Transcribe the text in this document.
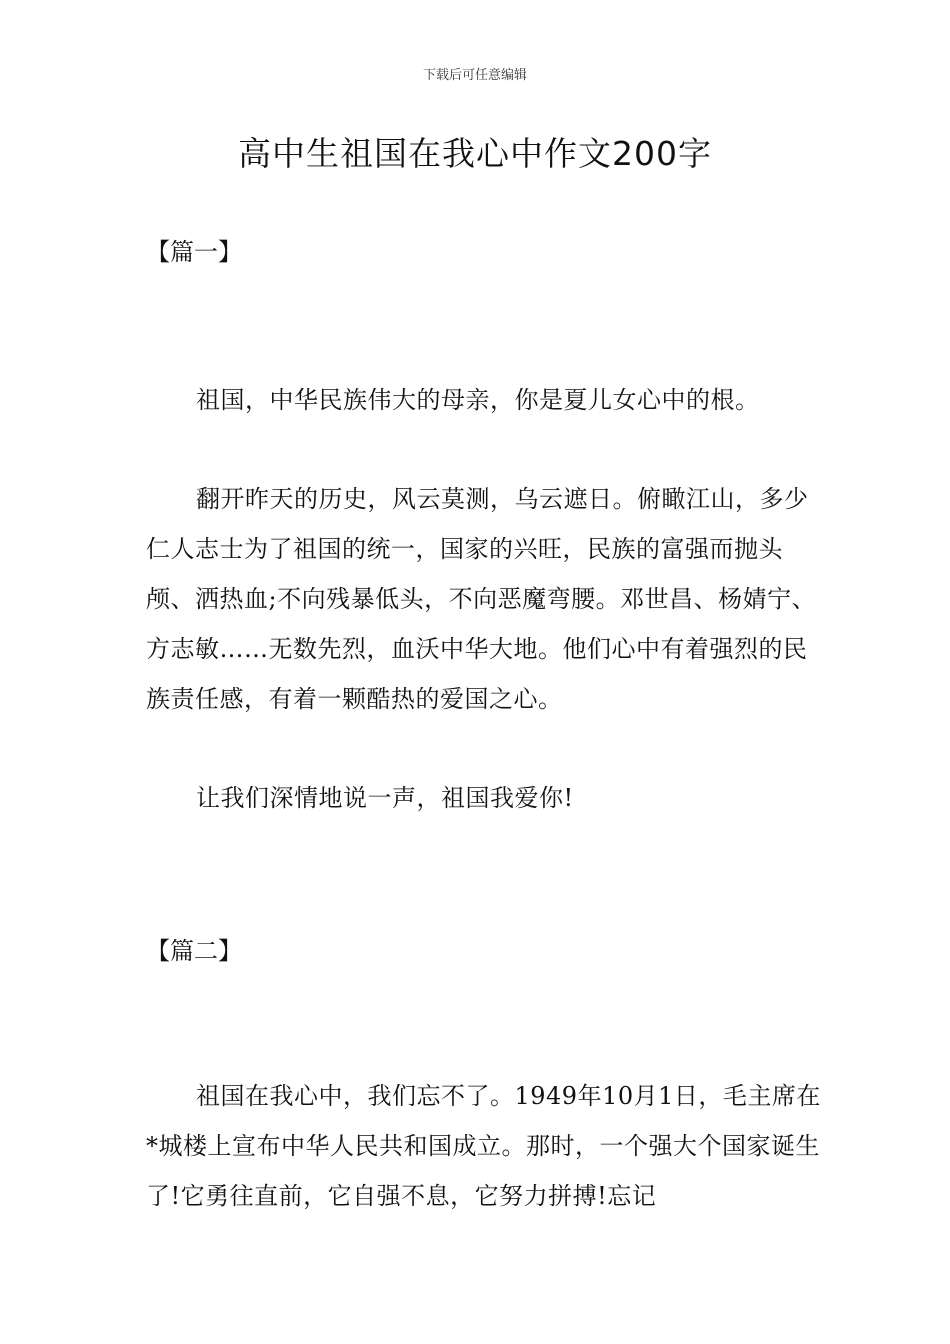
下载后可任意编辑
高中生祖国在我心中作文200字
【篇一】

祖国，中华民族伟大的母亲，你是夏儿女心中的根。

翻开昨天的历史，风云莫测，乌云遮日。俯瞰江山，多少仁人志士为了祖国的统一，国家的兴旺，民族的富强而抛头颅、洒热血;不向残暴低头，不向恶魔弯腰。邓世昌、杨婧宁、方志敏……无数先烈，血沃中华大地。他们心中有着强烈的民族责任感，有着一颗酷热的爱国之心。

让我们深情地说一声，祖国我爱你!

【篇二】

祖国在我心中，我们忘不了。1949年10月1日，毛主席在*城楼上宣布中华人民共和国成立。那时，一个强大个国家诞生了!它勇往直前，它自强不息，它努力拼搏!忘记
